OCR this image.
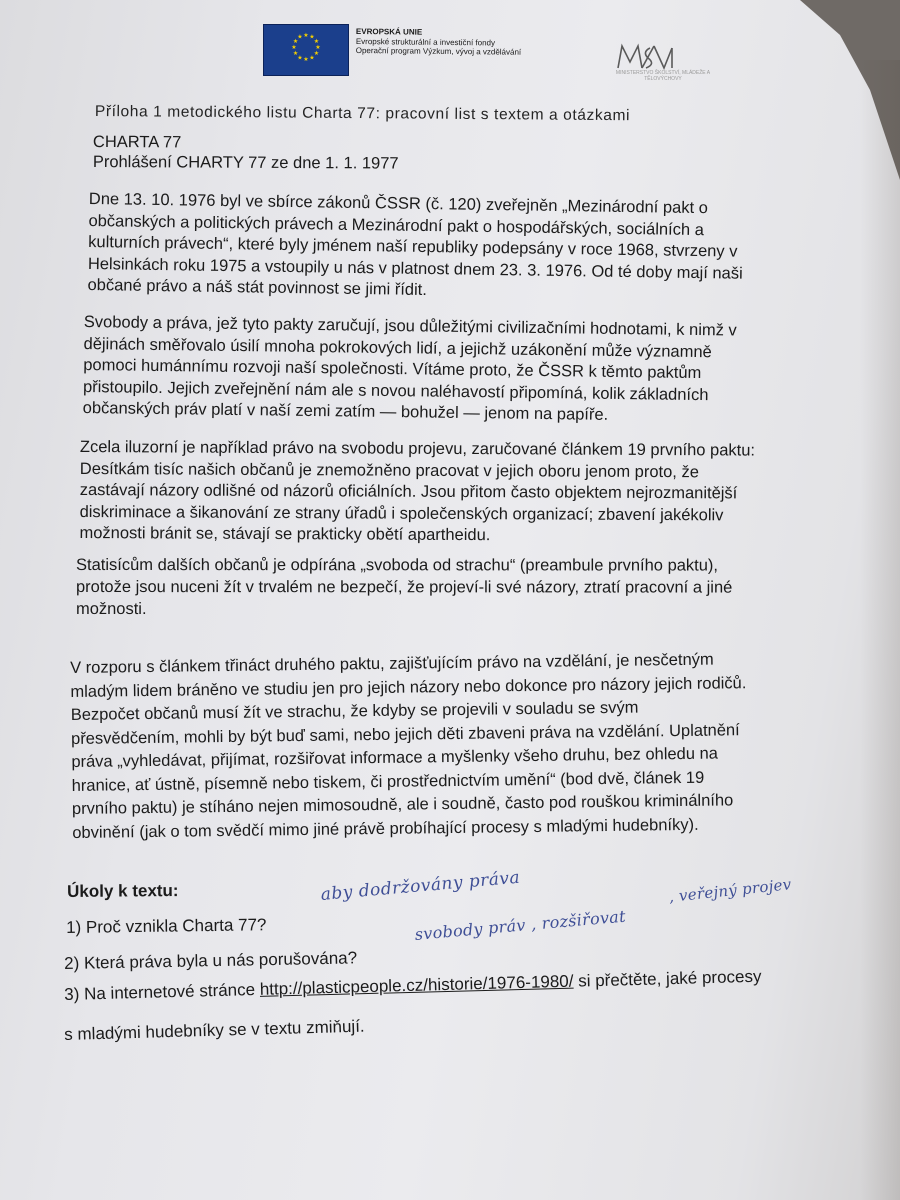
★ ★
★
★
★
★
★
★
★
★
★
★
EVROPSKÁ UNIE
Evropské strukturální a investiční fondy
Operační program Výzkum, vývoj a vzdělávání
MINISTERSTVO ŠKOLSTVÍ, MLÁDEŽE A TĚLOVÝCHOVY
Příloha 1 metodického listu Charta 77: pracovní list s textem a otázkami
CHARTA 77
Prohlášení CHARTY 77 ze dne 1. 1. 1977
Dne 13. 10. 1976 byl ve sbírce zákonů ČSSR (č. 120) zveřejněn „Mezinárodní pakt o
občanských a politických právech a Mezinárodní pakt o hospodářských, sociálních a
kulturních právech“, které byly jménem naší republiky podepsány v roce 1968, stvrzeny v
Helsinkách roku 1975 a vstoupily u nás v platnost dnem 23. 3. 1976. Od té doby mají naši
občané právo a náš stát povinnost se jimi řídit.
Svobody a práva, jež tyto pakty zaručují, jsou důležitými civilizačními hodnotami, k nimž v
dějinách směřovalo úsilí mnoha pokrokových lidí, a jejichž uzákonění může významně
pomoci humánnímu rozvoji naší společnosti. Vítáme proto, že ČSSR k těmto paktům
přistoupilo. Jejich zveřejnění nám ale s novou naléhavostí připomíná, kolik základních
občanských práv platí v naší zemi zatím — bohužel — jenom na papíře.
Zcela iluzorní je například právo na svobodu projevu, zaručované článkem 19 prvního paktu:
Desítkám tisíc našich občanů je znemožněno pracovat v jejich oboru jenom proto, že
zastávají názory odlišné od názorů oficiálních. Jsou přitom často objektem nejrozmanitější
diskriminace a šikanování ze strany úřadů i společenských organizací; zbavení jakékoliv
možnosti bránit se, stávají se prakticky obětí apartheidu.
Statisícům dalších občanů je odpírána „svoboda od strachu“ (preambule prvního paktu),
protože jsou nuceni žít v trvalém ne bezpečí, že projeví-li své názory, ztratí pracovní a jiné
možnosti.
V rozporu s článkem třináct druhého paktu, zajišťujícím právo na vzdělání, je nesčetným
mladým lidem bráněno ve studiu jen pro jejich názory nebo dokonce pro názory jejich rodičů.
Bezpočet občanů musí žít ve strachu, že kdyby se projevili v souladu se svým
přesvědčením, mohli by být buď sami, nebo jejich děti zbaveni práva na vzdělání. Uplatnění
práva „vyhledávat, přijímat, rozšiřovat informace a myšlenky všeho druhu, bez ohledu na
hranice, ať ústně, písemně nebo tiskem, či prostřednictvím umění“ (bod dvě, článek 19
prvního paktu) je stíháno nejen mimosoudně, ale i soudně, často pod rouškou kriminálního
obvinění (jak o tom svědčí mimo jiné právě probíhající procesy s mladými hudebníky).
Úkoly k textu:
1) Proč vznikla Charta 77?
2) Která práva byla u nás porušována?
3) Na internetové stránce http://plasticpeople.cz/historie/1976-1980/ si přečtěte, jaké procesy
s mladými hudebníky se v textu zmiňují.
aby dodržovány práva
svobody práv , rozšiřovat
, veřejný projev
